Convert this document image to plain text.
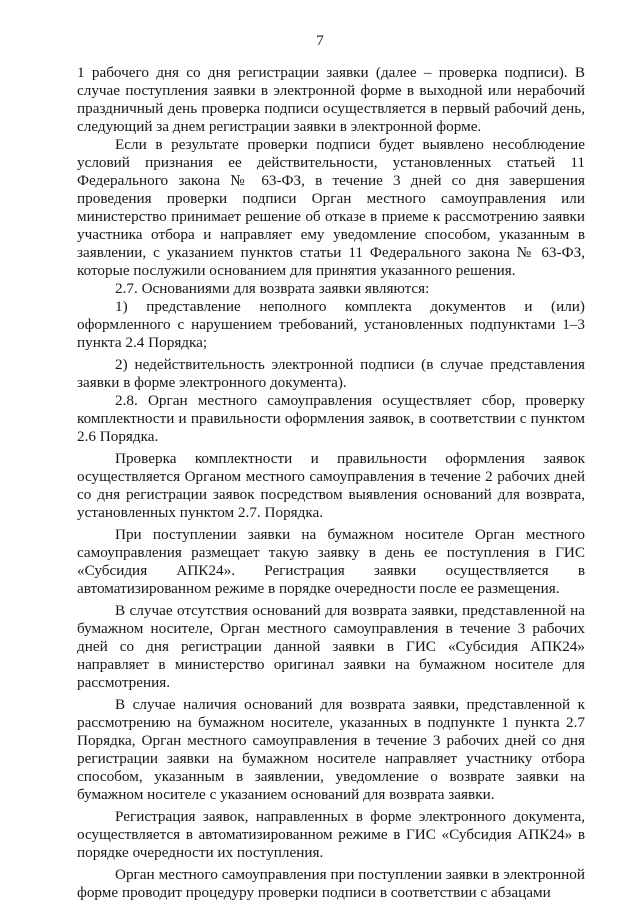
7

1 рабочего дня со дня регистрации заявки (далее – проверка подписи). В случае поступления заявки в электронной форме в выходной или нерабочий праздничный день проверка подписи осуществляется в первый рабочий день, следующий за днем регистрации заявки в электронной форме.

Если в результате проверки подписи будет выявлено несоблюдение условий признания ее действительности, установленных статьей 11 Федерального закона № 63-ФЗ, в течение 3 дней со дня завершения проведения проверки подписи Орган местного самоуправления или министерство принимает решение об отказе в приеме к рассмотрению заявки участника отбора и направляет ему уведомление способом, указанным в заявлении, с указанием пунктов статьи 11 Федерального закона № 63-ФЗ, которые послужили основанием для принятия указанного решения.

2.7. Основаниями для возврата заявки являются:

1) представление неполного комплекта документов и (или) оформленного с нарушением требований, установленных подпунктами 1–3 пункта 2.4 Порядка;

2) недействительность электронной подписи (в случае представления заявки в форме электронного документа).

2.8. Орган местного самоуправления осуществляет сбор, проверку комплектности и правильности оформления заявок, в соответствии с пунктом 2.6 Порядка.

Проверка комплектности и правильности оформления заявок осуществляется Органом местного самоуправления в течение 2 рабочих дней со дня регистрации заявок посредством выявления оснований для возврата, установленных пунктом 2.7. Порядка.

При поступлении заявки на бумажном носителе Орган местного самоуправления размещает такую заявку в день ее поступления в ГИС «Субсидия АПК24». Регистрация заявки осуществляется в автоматизированном режиме в порядке очередности после ее размещения.

В случае отсутствия оснований для возврата заявки, представленной на бумажном носителе, Орган местного самоуправления в течение 3 рабочих дней со дня регистрации данной заявки в ГИС «Субсидия АПК24» направляет в министерство оригинал заявки на бумажном носителе для рассмотрения.

В случае наличия оснований для возврата заявки, представленной к рассмотрению на бумажном носителе, указанных в подпункте 1 пункта 2.7 Порядка, Орган местного самоуправления в течение 3 рабочих дней со дня регистрации заявки на бумажном носителе направляет участнику отбора способом, указанным в заявлении, уведомление о возврате заявки на бумажном носителе с указанием оснований для возврата заявки.

Регистрация заявок, направленных в форме электронного документа, осуществляется в автоматизированном режиме в ГИС «Субсидия АПК24» в порядке очередности их поступления.

Орган местного самоуправления при поступлении заявки в электронной форме проводит процедуру проверки подписи в соответствии с абзацами
